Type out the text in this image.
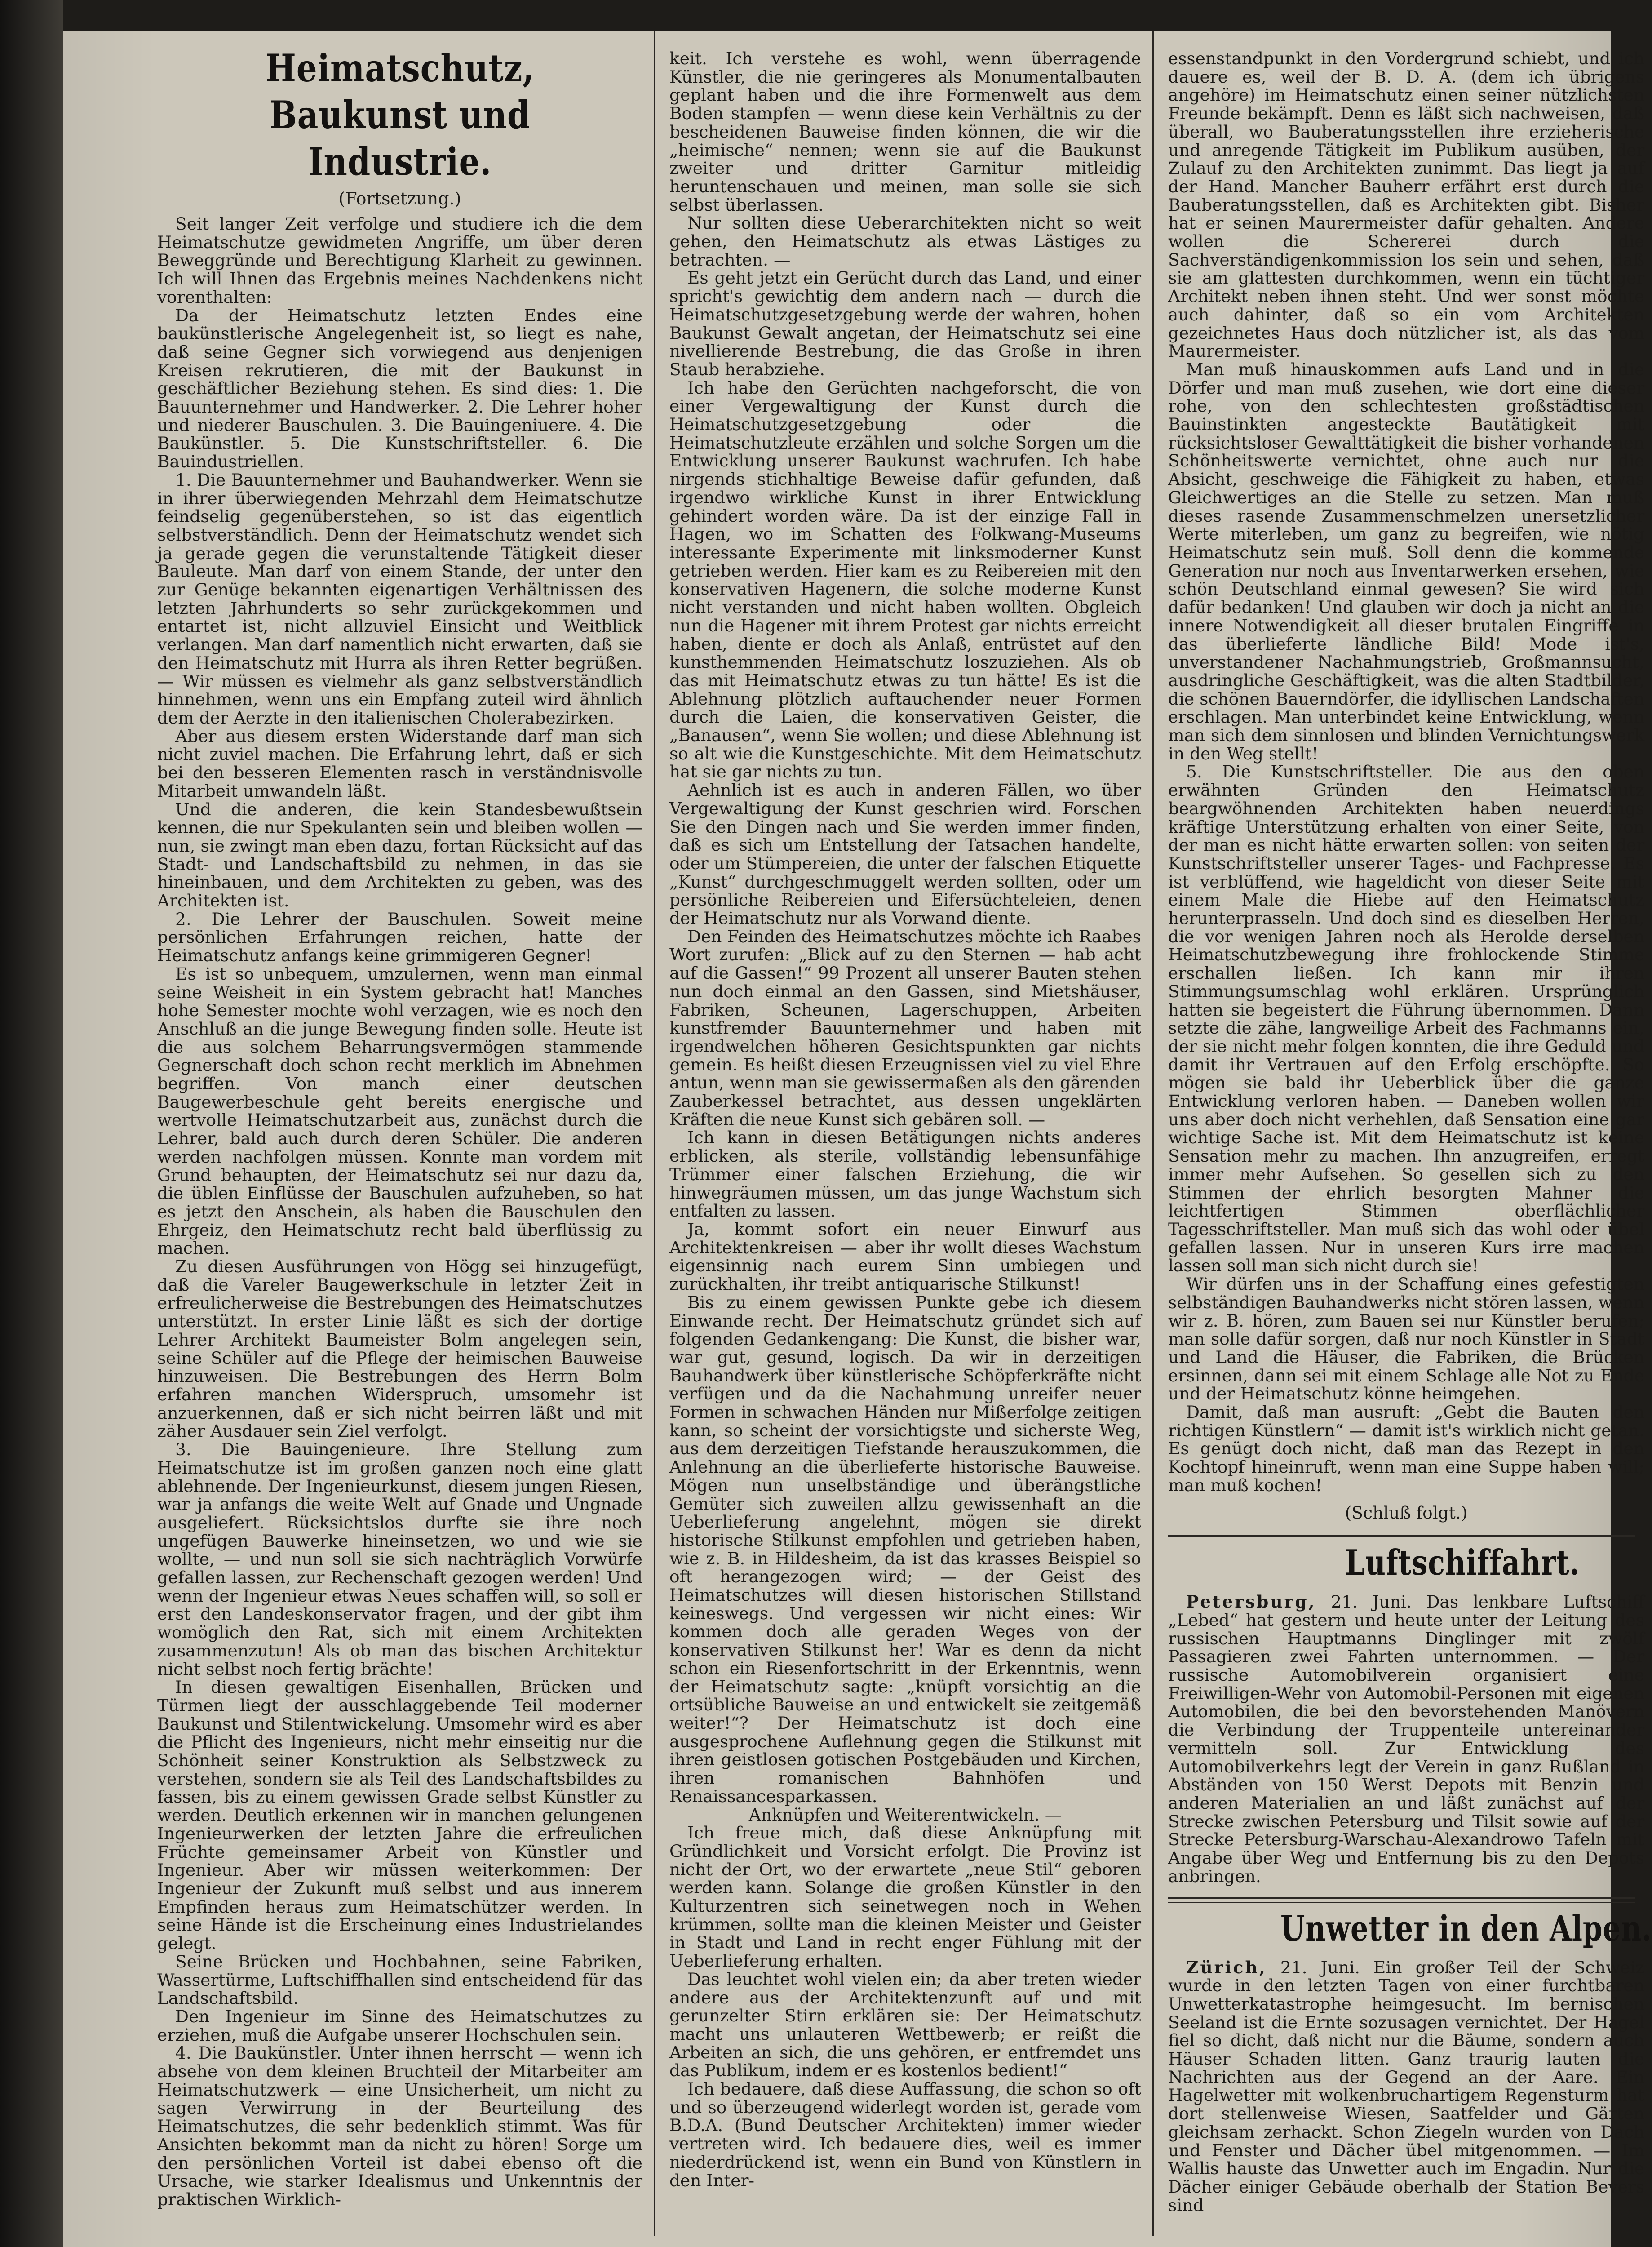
Heimatschutz, Baukunst und Industrie.
(Fortsetzung.)

Seit langer Zeit verfolge und studiere ich die dem Heimatschutze gewidmeten Angriffe, um über deren Beweggründe und Berechtigung Klarheit zu gewinnen. Ich will Ihnen das Ergebnis meines Nachdenkens nicht vorenthalten:

Da der Heimatschutz letzten Endes eine baukünstlerische Angelegenheit ist, so liegt es nahe, daß seine Gegner sich vorwiegend aus denjenigen Kreisen rekrutieren, die mit der Baukunst in geschäftlicher Beziehung stehen. Es sind dies: 1. Die Bauunternehmer und Handwerker. 2. Die Lehrer hoher und niederer Bauschulen. 3. Die Bauingeniuere. 4. Die Baukünstler. 5. Die Kunstschriftsteller. 6. Die Bauindustriellen.

1. Die Bauunternehmer und Bauhandwerker. Wenn sie in ihrer überwiegenden Mehrzahl dem Heimatschutze feindselig gegenüberstehen, so ist das eigentlich selbstverständlich. Denn der Heimatschutz wendet sich ja gerade gegen die verunstaltende Tätigkeit dieser Bauleute. Man darf von einem Stande, der unter den zur Genüge bekannten eigenartigen Verhältnissen des letzten Jahrhunderts so sehr zurückgekommen und entartet ist, nicht allzuviel Einsicht und Weitblick verlangen. Man darf namentlich nicht erwarten, daß sie den Heimatschutz mit Hurra als ihren Retter begrüßen. — Wir müssen es vielmehr als ganz selbstverständlich hinnehmen, wenn uns ein Empfang zuteil wird ähnlich dem der Aerzte in den italienischen Cholerabezirken.

Aber aus diesem ersten Widerstande darf man sich nicht zuviel machen. Die Erfahrung lehrt, daß er sich bei den besseren Elementen rasch in verständnisvolle Mitarbeit umwandeln läßt.

Und die anderen, die kein Standesbewußtsein kennen, die nur Spekulanten sein und bleiben wollen — nun, sie zwingt man eben dazu, fortan Rücksicht auf das Stadt- und Landschaftsbild zu nehmen, in das sie hineinbauen, und dem Architekten zu geben, was des Architekten ist.

2. Die Lehrer der Bauschulen. Soweit meine persönlichen Erfahrungen reichen, hatte der Heimatschutz anfangs keine grimmigeren Gegner!

Es ist so unbequem, umzulernen, wenn man einmal seine Weisheit in ein System gebracht hat! Manches hohe Semester mochte wohl verzagen, wie es noch den Anschluß an die junge Bewegung finden solle. Heute ist die aus solchem Beharrungsvermögen stammende Gegnerschaft doch schon recht merklich im Abnehmen begriffen. Von manch einer deutschen Baugewerbeschule geht bereits energische und wertvolle Heimatschutzarbeit aus, zunächst durch die Lehrer, bald auch durch deren Schüler. Die anderen werden nachfolgen müssen. Konnte man vordem mit Grund behaupten, der Heimatschutz sei nur dazu da, die üblen Einflüsse der Bauschulen aufzuheben, so hat es jetzt den Anschein, als haben die Bauschulen den Ehrgeiz, den Heimatschutz recht bald überflüssig zu machen.

Zu diesen Ausführungen von Högg sei hinzugefügt, daß die Vareler Baugewerkschule in letzter Zeit in erfreulicherweise die Bestrebungen des Heimatschutzes unterstützt. In erster Linie läßt es sich der dortige Lehrer Architekt Baumeister Bolm angelegen sein, seine Schüler auf die Pflege der heimischen Bauweise hinzuweisen. Die Bestrebungen des Herrn Bolm erfahren manchen Widerspruch, umsomehr ist anzuerkennen, daß er sich nicht beirren läßt und mit zäher Ausdauer sein Ziel verfolgt.

3. Die Bauingenieure. Ihre Stellung zum Heimatschutze ist im großen ganzen noch eine glatt ablehnende. Der Ingenieurkunst, diesem jungen Riesen, war ja anfangs die weite Welt auf Gnade und Ungnade ausgeliefert. Rücksichtslos durfte sie ihre noch ungefügen Bauwerke hineinsetzen, wo und wie sie wollte, — und nun soll sie sich nachträglich Vorwürfe gefallen lassen, zur Rechenschaft gezogen werden! Und wenn der Ingenieur etwas Neues schaffen will, so soll er erst den Landeskonservator fragen, und der gibt ihm womöglich den Rat, sich mit einem Architekten zusammenzutun! Als ob man das bischen Architektur nicht selbst noch fertig brächte!

In diesen gewaltigen Eisenhallen, Brücken und Türmen liegt der ausschlaggebende Teil moderner Baukunst und Stilentwickelung. Umsomehr wird es aber die Pflicht des Ingenieurs, nicht mehr einseitig nur die Schönheit seiner Konstruktion als Selbstzweck zu verstehen, sondern sie als Teil des Landschaftsbildes zu fassen, bis zu einem gewissen Grade selbst Künstler zu werden. Deutlich erkennen wir in manchen gelungenen Ingenieurwerken der letzten Jahre die erfreulichen Früchte gemeinsamer Arbeit von Künstler und Ingenieur. Aber wir müssen weiterkommen: Der Ingenieur der Zukunft muß selbst und aus innerem Empfinden heraus zum Heimatschützer werden. In seine Hände ist die Erscheinung eines Industrielandes gelegt.

Seine Brücken und Hochbahnen, seine Fabriken, Wassertürme, Luftschiffhallen sind entscheidend für das Landschaftsbild.

Den Ingenieur im Sinne des Heimatschutzes zu erziehen, muß die Aufgabe unserer Hochschulen sein.

4. Die Baukünstler. Unter ihnen herrscht — wenn ich absehe von dem kleinen Bruchteil der Mitarbeiter am Heimatschutzwerk — eine Unsicherheit, um nicht zu sagen Verwirrung in der Beurteilung des Heimatschutzes, die sehr bedenklich stimmt. Was für Ansichten bekommt man da nicht zu hören! Sorge um den persönlichen Vorteil ist dabei ebenso oft die Ursache, wie starker Idealismus und Unkenntnis der praktischen Wirklich-

keit. Ich verstehe es wohl, wenn überragende Künstler, die nie geringeres als Monumentalbauten geplant haben und die ihre Formenwelt aus dem Boden stampfen — wenn diese kein Verhältnis zu der bescheidenen Bauweise finden können, die wir die „heimische“ nennen; wenn sie auf die Baukunst zweiter und dritter Garnitur mitleidig heruntenschauen und meinen, man solle sie sich selbst überlassen.

Nur sollten diese Ueberarchitekten nicht so weit gehen, den Heimatschutz als etwas Lästiges zu betrachten. —

Es geht jetzt ein Gerücht durch das Land, und einer spricht's gewichtig dem andern nach — durch die Heimatschutzgesetzgebung werde der wahren, hohen Baukunst Gewalt angetan, der Heimatschutz sei eine nivellierende Bestrebung, die das Große in ihren Staub herabziehe.

Ich habe den Gerüchten nachgeforscht, die von einer Vergewaltigung der Kunst durch die Heimatschutzgesetzgebung oder die Heimatschutzleute erzählen und solche Sorgen um die Entwicklung unserer Baukunst wachrufen. Ich habe nirgends stichhaltige Beweise dafür gefunden, daß irgendwo wirkliche Kunst in ihrer Entwicklung gehindert worden wäre. Da ist der einzige Fall in Hagen, wo im Schatten des Folkwang-Museums interessante Experimente mit linksmoderner Kunst getrieben werden. Hier kam es zu Reibereien mit den konservativen Hagenern, die solche moderne Kunst nicht verstanden und nicht haben wollten. Obgleich nun die Hagener mit ihrem Protest gar nichts erreicht haben, diente er doch als Anlaß, entrüstet auf den kunsthemmenden Heimatschutz loszuziehen. Als ob das mit Heimatschutz etwas zu tun hätte! Es ist die Ablehnung plötzlich auftauchender neuer Formen durch die Laien, die konservativen Geister, die „Banausen“, wenn Sie wollen; und diese Ablehnung ist so alt wie die Kunstgeschichte. Mit dem Heimatschutz hat sie gar nichts zu tun.

Aehnlich ist es auch in anderen Fällen, wo über Vergewaltigung der Kunst geschrien wird. Forschen Sie den Dingen nach und Sie werden immer finden, daß es sich um Entstellung der Tatsachen handelte, oder um Stümpereien, die unter der falschen Etiquette „Kunst“ durchgeschmuggelt werden sollten, oder um persönliche Reibereien und Eifersüchteleien, denen der Heimatschutz nur als Vorwand diente.

Den Feinden des Heimatschutzes möchte ich Raabes Wort zurufen: „Blick auf zu den Sternen — hab acht auf die Gassen!“ 99 Prozent all unserer Bauten stehen nun doch einmal an den Gassen, sind Mietshäuser, Fabriken, Scheunen, Lagerschuppen, Arbeiten kunstfremder Bauunternehmer und haben mit irgendwelchen höheren Gesichtspunkten gar nichts gemein. Es heißt diesen Erzeugnissen viel zu viel Ehre antun, wenn man sie gewissermaßen als den gärenden Zauberkessel betrachtet, aus dessen ungeklärten Kräften die neue Kunst sich gebären soll. —

Ich kann in diesen Betätigungen nichts anderes erblicken, als sterile, vollständig lebensunfähige Trümmer einer falschen Erziehung, die wir hinwegräumen müssen, um das junge Wachstum sich entfalten zu lassen.

Ja, kommt sofort ein neuer Einwurf aus Architektenkreisen — aber ihr wollt dieses Wachstum eigensinnig nach eurem Sinn umbiegen und zurückhalten, ihr treibt antiquarische Stilkunst!

Bis zu einem gewissen Punkte gebe ich diesem Einwande recht. Der Heimatschutz gründet sich auf folgenden Gedankengang: Die Kunst, die bisher war, war gut, gesund, logisch. Da wir in derzeitigen Bauhandwerk über künstlerische Schöpferkräfte nicht verfügen und da die Nachahmung unreifer neuer Formen in schwachen Händen nur Mißerfolge zeitigen kann, so scheint der vorsichtigste und sicherste Weg, aus dem derzeitigen Tiefstande herauszukommen, die Anlehnung an die überlieferte historische Bauweise. Mögen nun unselbständige und überängstliche Gemüter sich zuweilen allzu gewissenhaft an die Ueberlieferung angelehnt, mögen sie direkt historische Stilkunst empfohlen und getrieben haben, wie z. B. in Hildesheim, da ist das krasses Beispiel so oft herangezogen wird; — der Geist des Heimatschutzes will diesen historischen Stillstand keineswegs. Und vergessen wir nicht eines: Wir kommen doch alle geraden Weges von der konservativen Stilkunst her! War es denn da nicht schon ein Riesenfortschritt in der Erkenntnis, wenn der Heimatschutz sagte: „knüpft vorsichtig an die ortsübliche Bauweise an und entwickelt sie zeitgemäß weiter!“? Der Heimatschutz ist doch eine ausgesprochene Auflehnung gegen die Stilkunst mit ihren geistlosen gotischen Postgebäuden und Kirchen, ihren romanischen Bahnhöfen und Renaissancesparkassen.

Anknüpfen und Weiterentwickeln. —

Ich freue mich, daß diese Anknüpfung mit Gründlichkeit und Vorsicht erfolgt. Die Provinz ist nicht der Ort, wo der erwartete „neue Stil“ geboren werden kann. Solange die großen Künstler in den Kulturzentren sich seinetwegen noch in Wehen krümmen, sollte man die kleinen Meister und Geister in Stadt und Land in recht enger Fühlung mit der Ueberlieferung erhalten.

Das leuchtet wohl vielen ein; da aber treten wieder andere aus der Architektenzunft auf und mit gerunzelter Stirn erklären sie: Der Heimatschutz macht uns unlauteren Wettbewerb; er reißt die Arbeiten an sich, die uns gehören, er entfremdet uns das Publikum, indem er es kostenlos bedient!“

Ich bedauere, daß diese Auffassung, die schon so oft und so überzeugend widerlegt worden ist, gerade vom B.D.A. (Bund Deutscher Architekten) immer wieder vertreten wird. Ich bedauere dies, weil es immer niederdrückend ist, wenn ein Bund von Künstlern in den Inter-

essenstandpunkt in den Vordergrund schiebt, und ich dauere es, weil der B. D. A. (dem ich übrigens angehöre) im Heimatschutz einen seiner nützlichsten Freunde bekämpft. Denn es läßt sich nachweisen, daß überall, wo Bauberatungsstellen ihre erzieherische und anregende Tätigkeit im Publikum ausüben, der Zulauf zu den Architekten zunimmt. Das liegt ja auf der Hand. Mancher Bauherr erfährt erst durch die Bauberatungsstellen, daß es Architekten gibt. Bisher hat er seinen Maurermeister dafür gehalten. Andere wollen die Schererei durch die Sachverständigenkommission los sein und sehen, daß sie am glattesten durchkommen, wenn ein tüchtiger Architekt neben ihnen steht. Und wer sonst möchte auch dahinter, daß so ein vom Architekten gezeichnetes Haus doch nützlicher ist, als das vom Maurermeister.

Man muß hinauskommen aufs Land und in die Dörfer und man muß zusehen, wie dort eine dieser rohe, von den schlechtesten großstädtischen Bauinstinkten angesteckte Bautätigkeit mit rücksichtsloser Gewalttätigkeit die bisher vorhandenen Schönheitswerte vernichtet, ohne auch nur die Absicht, geschweige die Fähigkeit zu haben, etwas Gleichwertiges an die Stelle zu setzen. Man muß dieses rasende Zusammenschmelzen unersetzlicher Werte miterleben, um ganz zu begreifen, wie nötig Heimatschutz sein muß. Soll denn die kommende Generation nur noch aus Inventarwerken ersehen, wie schön Deutschland einmal gewesen? Sie wird sich dafür bedanken! Und glauben wir doch ja nicht an die innere Notwendigkeit all dieser brutalen Eingriffe in das überlieferte ländliche Bild! Mode ist's, unverstandener Nachahmungstrieb, Großmannsucht, ausdringliche Geschäftigkeit, was die alten Stadtbilder, die schönen Bauerndörfer, die idyllischen Landschaften erschlagen. Man unterbindet keine Entwicklung, wenn man sich dem sinnlosen und blinden Vernichtungswerk in den Weg stellt!

5. Die Kunstschriftsteller. Die aus den oben erwähnten Gründen den Heimatschutz beargwöhnenden Architekten haben neuerdings kräftige Unterstützung erhalten von einer Seite, von der man es nicht hätte erwarten sollen: von seiten der Kunstschriftsteller unserer Tages- und Fachpresse. Es ist verblüffend, wie hageldicht von dieser Seite mit einem Male die Hiebe auf den Heimatschutz herunterprasseln. Und doch sind es dieselben Herren, die vor wenigen Jahren noch als Herolde derselben Heimatschutzbewegung ihre frohlockende Stimme erschallen ließen. Ich kann mir ihren Stimmungsumschlag wohl erklären. Ursprünglich hatten sie begeistert die Führung übernommen. Dann setzte die zähe, langweilige Arbeit des Fachmanns ein, der sie nicht mehr folgen konnten, die ihre Geduld und damit ihr Vertrauen auf den Erfolg erschöpfte. So mögen sie bald ihr Ueberblick über die ganze Entwicklung verloren haben. — Daneben wollen wir uns aber doch nicht verhehlen, daß Sensation eine gar wichtige Sache ist. Mit dem Heimatschutz ist keine Sensation mehr zu machen. Ihn anzugreifen, erregt immer mehr Aufsehen. So gesellen sich zu den Stimmen der ehrlich besorgten Mahner die leichtfertigen Stimmen oberflächlicher Tagesschriftsteller. Man muß sich das wohl oder übel gefallen lassen. Nur in unseren Kurs irre machen lassen soll man sich nicht durch sie!

Wir dürfen uns in der Schaffung eines gefestigten selbständigen Bauhandwerks nicht stören lassen, wenn wir z. B. hören, zum Bauen sei nur Künstler berufen; man solle dafür sorgen, daß nur noch Künstler in Stadt und Land die Häuser, die Fabriken, die Brücken ersinnen, dann sei mit einem Schlage alle Not zu Ende und der Heimatschutz könne heimgehen.

Damit, daß man ausruft: „Gebt die Bauten den richtigen Künstlern“ — damit ist's wirklich nicht getan. Es genügt doch nicht, daß man das Rezept in den Kochtopf hineinruft, wenn man eine Suppe haben will; man muß kochen!

(Schluß folgt.)

Luftschiffahrt.

Petersburg, 21. Juni. Das lenkbare Luftschiff „Lebed“ hat gestern und heute unter der Leitung des russischen Hauptmanns Dinglinger mit zwölf Passagieren zwei Fahrten unternommen. — Der russische Automobilverein organisiert eine Freiwilligen-Wehr von Automobil-Personen mit eigenen Automobilen, die bei den bevorstehenden Manövern die Verbindung der Truppenteile untereinander vermitteln soll. Zur Entwicklung des Automobilverkehrs legt der Verein in ganz Rußland in Abständen von 150 Werst Depots mit Benzin und anderen Materialien an und läßt zunächst auf der Strecke zwischen Petersburg und Tilsit sowie auf der Strecke Petersburg-Warschau-Alexandrowo Tafeln mit Angabe über Weg und Entfernung bis zu den Depots anbringen.

Unwetter in den Alpen.

Zürich, 21. Juni. Ein großer Teil der Schweiz wurde in den letzten Tagen von einer furchtbaren Unwetterkatastrophe heimgesucht. Im bernischen Seeland ist die Ernte sozusagen vernichtet. Der Hagel fiel so dicht, daß nicht nur die Bäume, sondern auch Häuser Schaden litten. Ganz traurig lauten die Nachrichten aus der Gegend an der Aare. Ein Hagelwetter mit wolkenbruchartigem Regensturm hat dort stellenweise Wiesen, Saatfelder und Gärten gleichsam zerhackt. Schon Ziegeln wurden von Dach und Fenster und Dächer übel mitgenommen. — Im Wallis hauste das Unwetter auch im Engadin. Nur die Dächer einiger Gebäude oberhalb der Station Bevers sind
